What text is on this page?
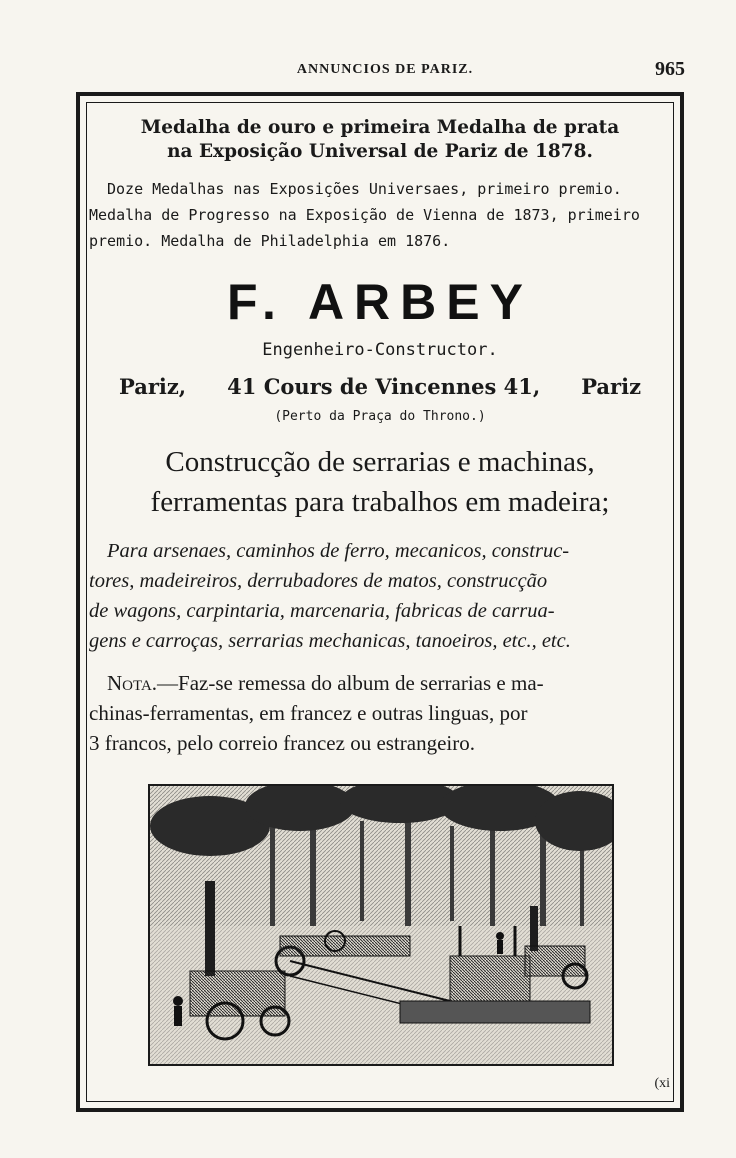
ANNUNCIOS DE PARIZ.	965

Medalha de ouro e primeira Medalha de prata

na Exposição Universal de Pariz de 1878.

Doze Medalhas nas Exposições Universaes, primeiro premio.
Medalha de Progresso na Exposição de Vienna de 1873, primeiro
premio. Medalha de Philadelphia em 1876.
F. ARBEY
Engenheiro-Constructor.
Pariz, 41 Cours de Vincennes 41, Pariz
(Perto da Praça do Throno.)
Construcção de serrarias e machinas,
ferramentas para trabalhos em madeira;
Para arsenaes, caminhos de ferro, mecanicos, construc-
tores, madeireiros, derrubadores de matos, construcção
de wagons, carpintaria, marcenaria, fabricas de carrua-
gens e carroças, serrarias mechanicas, tanoeiros, etc., etc.
Nota.—Faz-se remessa do album de serrarias e ma-
chinas-ferramentas, em francez e outras linguas, por
3 francos, pelo correio francez ou estrangeiro.
(xi
